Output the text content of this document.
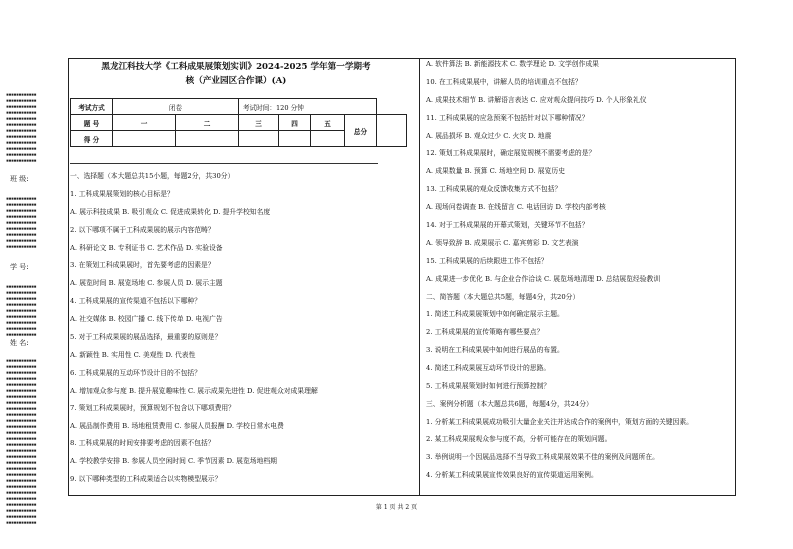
▪▪▪▪▪▪▪▪▪▪▪▪
▪▪▪▪▪▪▪▪▪▪▪▪
▪▪▪▪▪▪▪▪▪▪▪▪
▪▪▪▪▪▪▪▪▪▪▪▪
▪▪▪▪▪▪▪▪▪▪▪▪
▪▪▪▪▪▪▪▪▪▪▪▪
▪▪▪▪▪▪▪▪▪▪▪▪
▪▪▪▪▪▪▪▪▪▪▪▪
▪▪▪▪▪▪▪▪▪▪▪▪
▪▪▪▪▪▪▪▪▪▪▪▪
▪▪▪▪▪▪▪▪▪▪▪▪
▪▪▪▪▪▪▪▪▪▪▪▪
班 级:
▪▪▪▪▪▪▪▪▪▪▪▪
▪▪▪▪▪▪▪▪▪▪▪▪
▪▪▪▪▪▪▪▪▪▪▪▪
▪▪▪▪▪▪▪▪▪▪▪▪
▪▪▪▪▪▪▪▪▪▪▪▪
▪▪▪▪▪▪▪▪▪▪▪▪
▪▪▪▪▪▪▪▪▪▪▪▪
▪▪▪▪▪▪▪▪▪▪▪▪
▪▪▪▪▪▪▪▪▪▪▪▪
学 号:
▪▪▪▪▪▪▪▪▪▪▪▪
▪▪▪▪▪▪▪▪▪▪▪▪
▪▪▪▪▪▪▪▪▪▪▪▪
▪▪▪▪▪▪▪▪▪▪▪▪
▪▪▪▪▪▪▪▪▪▪▪▪
▪▪▪▪▪▪▪▪▪▪▪▪
▪▪▪▪▪▪▪▪▪▪▪▪
▪▪▪▪▪▪▪▪▪▪▪▪
▪▪▪▪▪▪▪▪▪▪▪▪
姓 名:
▪▪▪▪▪▪▪▪▪▪▪▪
▪▪▪▪▪▪▪▪▪▪▪▪
▪▪▪▪▪▪▪▪▪▪▪▪
▪▪▪▪▪▪▪▪▪▪▪▪
▪▪▪▪▪▪▪▪▪▪▪▪
▪▪▪▪▪▪▪▪▪▪▪▪
▪▪▪▪▪▪▪▪▪▪▪▪
▪▪▪▪▪▪▪▪▪▪▪▪
▪▪▪▪▪▪▪▪▪▪▪▪
▪▪▪▪▪▪▪▪▪▪▪▪
▪▪▪▪▪▪▪▪▪▪▪▪
▪▪▪▪▪▪▪▪▪▪▪▪
▪▪▪▪▪▪▪▪▪▪▪▪
▪▪▪▪▪▪▪▪▪▪▪▪
▪▪▪▪▪▪▪▪▪▪▪▪
▪▪▪▪▪▪▪▪▪▪▪▪
▪▪▪▪▪▪▪▪▪▪▪▪
▪▪▪▪▪▪▪▪▪▪▪▪
▪▪▪▪▪▪▪▪▪▪▪▪
▪▪▪▪▪▪▪▪▪▪▪▪
▪▪▪▪▪▪▪▪▪▪▪▪
▪▪▪▪▪▪▪▪▪▪▪▪
▪▪▪▪▪▪▪▪▪▪▪▪
▪▪▪▪▪▪▪▪▪▪▪▪
▪▪▪▪▪▪▪▪▪▪▪▪
▪▪▪▪▪▪▪▪▪▪▪▪
▪▪▪▪▪▪▪▪▪▪▪▪
▪▪▪▪▪▪▪▪▪▪▪▪
黑龙江科技大学《工科成果展策划实训》2024-2025 学年第一学期考
核（产业园区合作课）(A)
考试方式	闭卷		考试时间：120 分钟				
题 号	一	二	三	四	五	总分	
得 分							
一、选择题（本大题总共15小题，每题2分，共30分）
1. 工科成果展策划的核心目标是？
A. 展示科技成果 B. 吸引观众 C. 促进成果转化 D. 提升学校知名度
2. 以下哪项不属于工科成果展的展示内容范畴？
A. 科研论文 B. 专利证书 C. 艺术作品 D. 实验设备
3. 在策划工科成果展时，首先要考虑的因素是？
A. 展览时间 B. 展览场地 C. 参展人员 D. 展示主题
4. 工科成果展的宣传渠道不包括以下哪种？
A. 社交媒体 B. 校园广播 C. 线下传单 D. 电视广告
5. 对于工科成果展的展品选择，最重要的原则是？
A. 新颖性 B. 实用性 C. 美观性 D. 代表性
6. 工科成果展的互动环节设计目的不包括？
A. 增加观众参与度 B. 提升展览趣味性 C. 展示成果先进性 D. 促进观众对成果理解
7. 策划工科成果展时，预算规划不包含以下哪项费用？
A. 展品制作费用 B. 场地租赁费用 C. 参展人员报酬 D. 学校日常水电费
8. 工科成果展的时间安排要考虑的因素不包括？
A. 学校教学安排 B. 参展人员空闲时间 C. 季节因素 D. 展览场地档期
9. 以下哪种类型的工科成果适合以实物模型展示？
A. 软件算法 B. 新能源技术 C. 数学理论 D. 文学创作成果
10. 在工科成果展中，讲解人员的培训重点不包括？
A. 成果技术细节 B. 讲解语言表达 C. 应对观众提问技巧 D. 个人形象礼仪
11. 工科成果展的应急预案不包括针对以下哪种情况？
A. 展品损坏 B. 观众过少 C. 火灾 D. 地震
12. 策划工科成果展时，确定展览规模不需要考虑的是？
A. 成果数量 B. 预算 C. 场地空间 D. 展览历史
13. 工科成果展的观众反馈收集方式不包括？
A. 现场问卷调查 B. 在线留言 C. 电话回访 D. 学校内部考核
14. 对于工科成果展的开幕式策划，关键环节不包括？
A. 领导致辞 B. 成果展示 C. 嘉宾剪彩 D. 文艺表演
15. 工科成果展的后续跟进工作不包括？
A. 成果进一步优化 B. 与企业合作洽谈 C. 展览场地清理 D. 总结展览经验教训
二、简答题（本大题总共5题，每题4分，共20分）
1. 简述工科成果展策划中如何确定展示主题。
2. 工科成果展的宣传策略有哪些要点？
3. 说明在工科成果展中如何进行展品的布置。
4. 简述工科成果展互动环节设计的思路。
5. 工科成果展策划时如何进行预算控制？
三、案例分析题（本大题总共6题，每题4分，共24分）
1. 分析某工科成果展成功吸引大量企业关注并达成合作的案例中，策划方面的关键因素。
2. 某工科成果展观众参与度不高，分析可能存在的策划问题。
3. 举例说明一个因展品选择不当导致工科成果展效果不佳的案例及问题所在。
4. 分析某工科成果展宣传效果良好的宣传渠道运用案例。
第 1 页 共 2 页
